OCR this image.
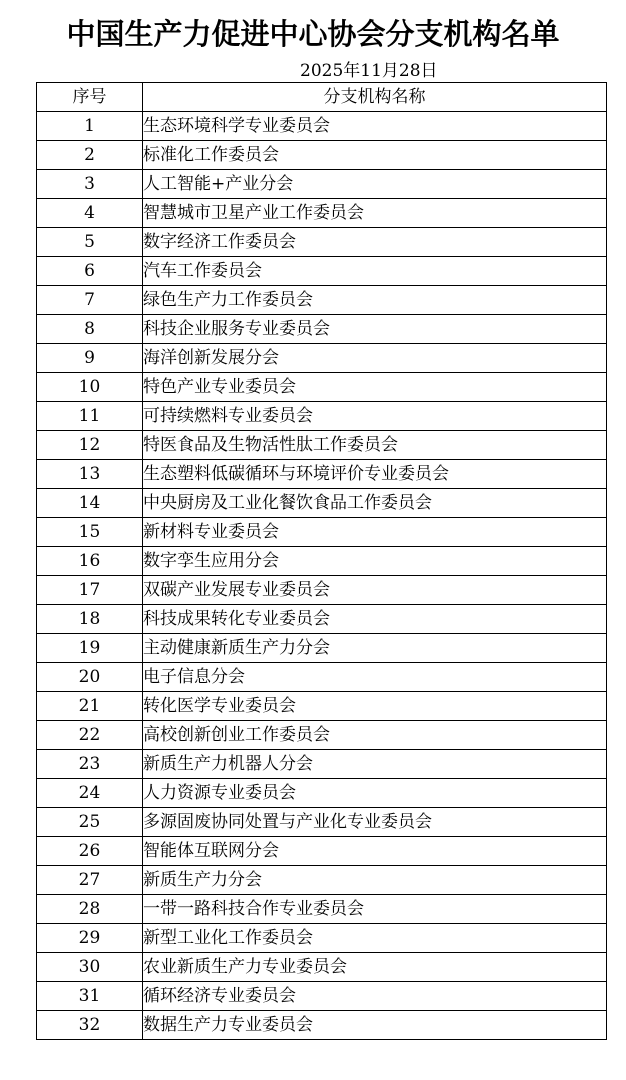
中国生产力促进中心协会分支机构名单
2025年11月28日
序号	分支机构名称
1	生态环境科学专业委员会
2	标准化工作委员会
3	人工智能+产业分会
4	智慧城市卫星产业工作委员会
5	数字经济工作委员会
6	汽车工作委员会
7	绿色生产力工作委员会
8	科技企业服务专业委员会
9	海洋创新发展分会
10	特色产业专业委员会
11	可持续燃料专业委员会
12	特医食品及生物活性肽工作委员会
13	生态塑料低碳循环与环境评价专业委员会
14	中央厨房及工业化餐饮食品工作委员会
15	新材料专业委员会
16	数字孪生应用分会
17	双碳产业发展专业委员会
18	科技成果转化专业委员会
19	主动健康新质生产力分会
20	电子信息分会
21	转化医学专业委员会
22	高校创新创业工作委员会
23	新质生产力机器人分会
24	人力资源专业委员会
25	多源固废协同处置与产业化专业委员会
26	智能体互联网分会
27	新质生产力分会
28	一带一路科技合作专业委员会
29	新型工业化工作委员会
30	农业新质生产力专业委员会
31	循环经济专业委员会
32	数据生产力专业委员会
